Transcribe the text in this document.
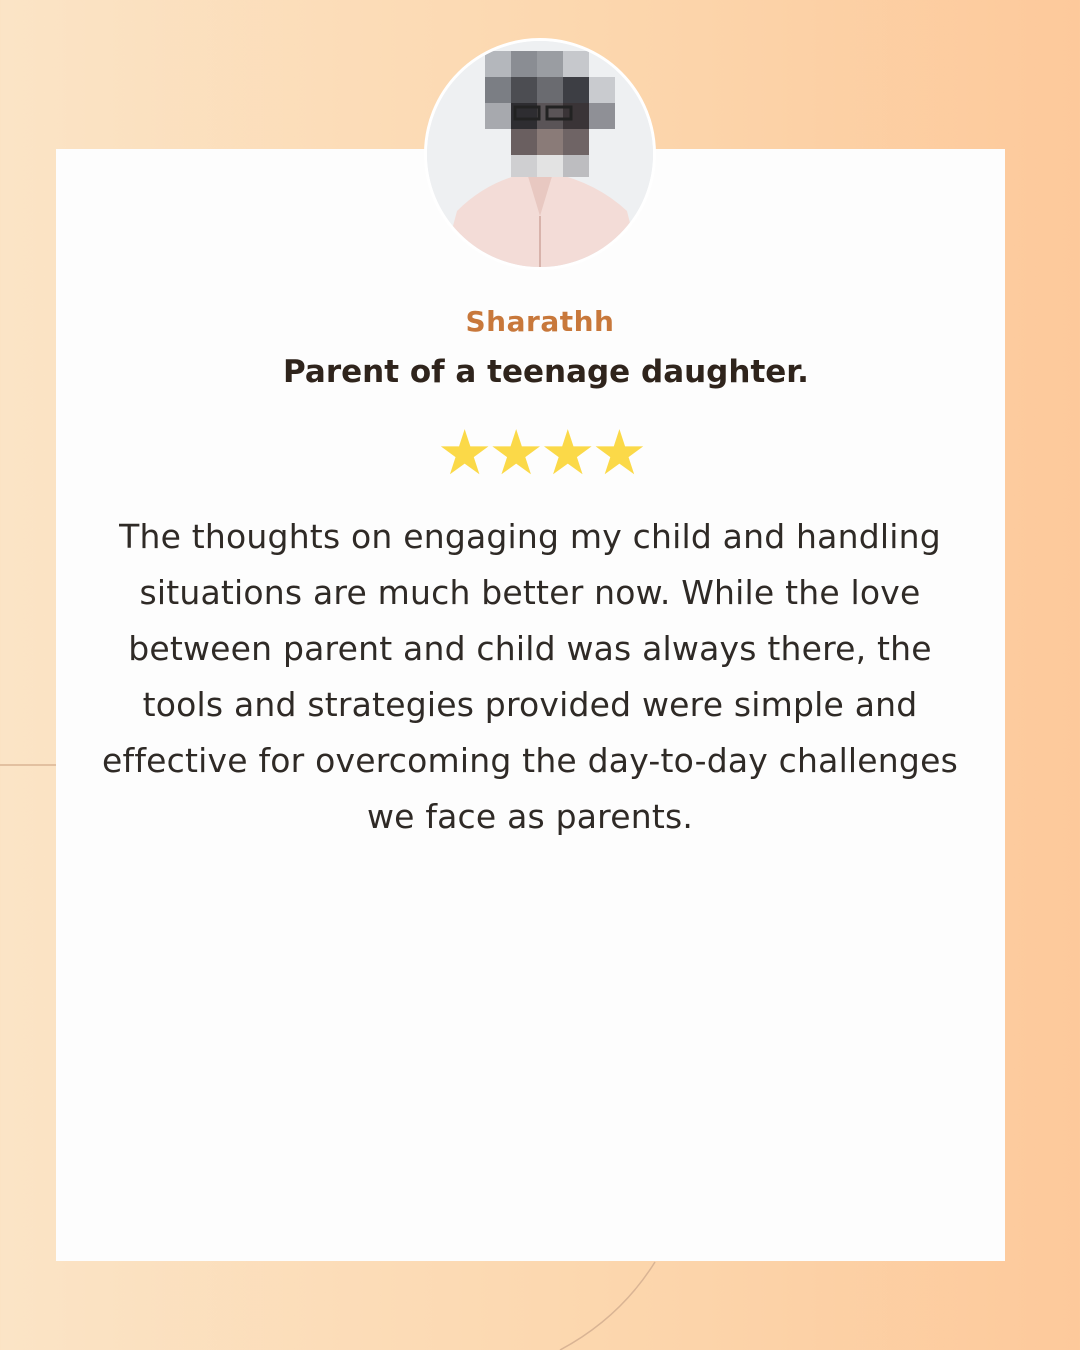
Sharathh
Parent of a teenage daughter.
★★★★
The thoughts on engaging my child and handling situations are much better now. While the love between parent and child was always there, the tools and strategies provided were simple and effective for overcoming the day-to-day challenges we face as parents.
